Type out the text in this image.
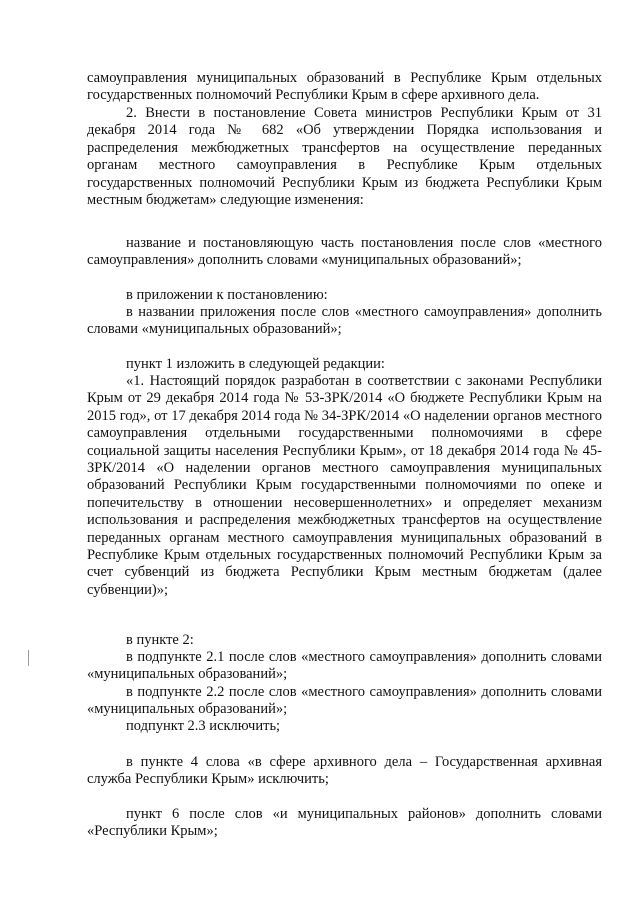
самоуправления муниципальных образований в Республике Крым отдельных государственных полномочий Республики Крым в сфере архивного дела.

2. Внести в постановление Совета министров Республики Крым от 31 декабря 2014 года № 682 «Об утверждении Порядка использования и распределения межбюджетных трансфертов на осуществление переданных органам местного самоуправления в Республике Крым отдельных государственных полномочий Республики Крым из бюджета Республики Крым местным бюджетам» следующие изменения:

название и постановляющую часть постановления после слов «местного самоуправления» дополнить словами «муниципальных образований»;

в приложении к постановлению:

в названии приложения после слов «местного самоуправления» дополнить словами «муниципальных образований»;

пункт 1 изложить в следующей редакции:

«1. Настоящий порядок разработан в соответствии с законами Республики Крым от 29 декабря 2014 года № 53-ЗРК/2014 «О бюджете Республики Крым на 2015 год», от 17 декабря 2014 года № 34-ЗРК/2014 «О наделении органов местного самоуправления отдельными государственными полномочиями в сфере социальной защиты населения Республики Крым», от 18 декабря 2014 года № 45-ЗРК/2014 «О наделении органов местного самоуправления муниципальных образований Республики Крым государственными полномочиями по опеке и попечительству в отношении несовершеннолетних» и определяет механизм использования и распределения межбюджетных трансфертов на осуществление переданных органам местного самоуправления муниципальных образований в Республике Крым отдельных государственных полномочий Республики Крым за счет субвенций из бюджета Республики Крым местным бюджетам (далее субвенции)»;

в пункте 2:

в подпункте 2.1 после слов «местного самоуправления» дополнить словами «муниципальных образований»;

в подпункте 2.2 после слов «местного самоуправления» дополнить словами «муниципальных образований»;

подпункт 2.3 исключить;

в пункте 4 слова «в сфере архивного дела – Государственная архивная служба Республики Крым» исключить;

пункт 6 после слов «и муниципальных районов» дополнить словами «Республики Крым»;
